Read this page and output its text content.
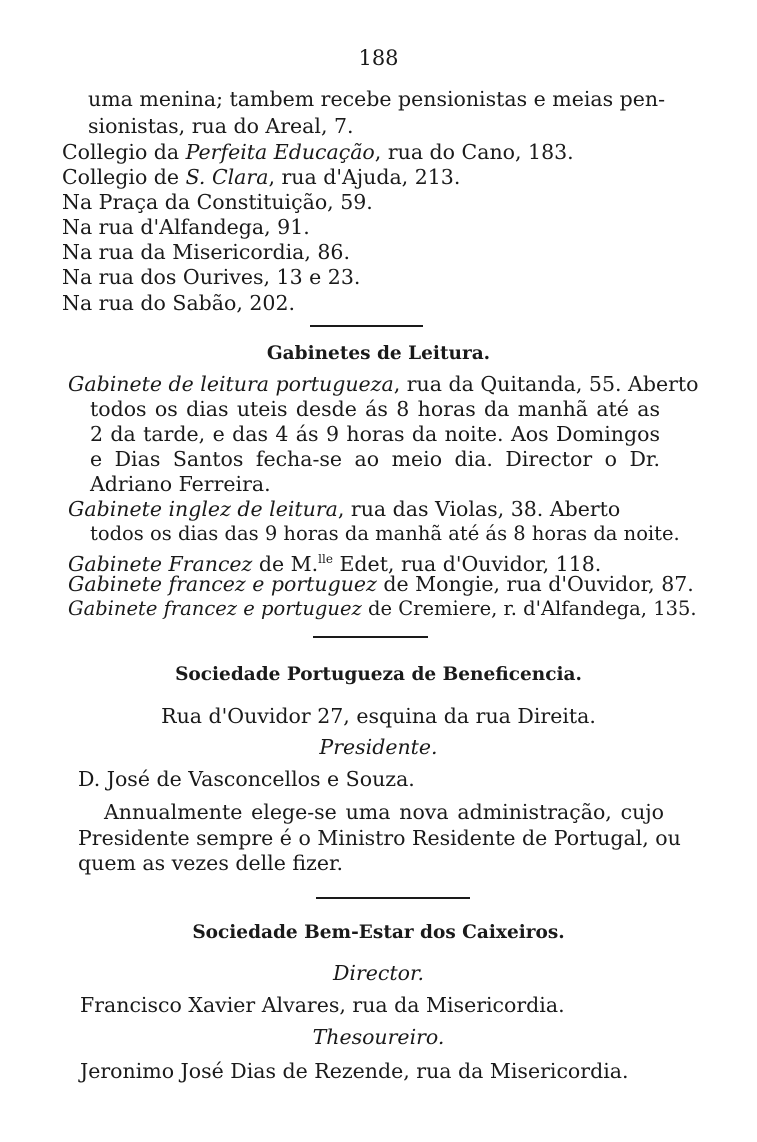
188
uma menina; tambem recebe pensionistas e meias pen-
sionistas, rua do Areal, 7.
Collegio da Perfeita Educação, rua do Cano, 183.
Collegio de S. Clara, rua d'Ajuda, 213.
Na Praça da Constituição, 59.
Na rua d'Alfandega, 91.
Na rua da Misericordia, 86.
Na rua dos Ourives, 13 e 23.
Na rua do Sabão, 202.
Gabinetes de Leitura.
Gabinete de leitura portugueza, rua da Quitanda, 55. Aberto
todos os dias uteis desde ás 8 horas da manhã até as
2 da tarde, e das 4 ás 9 horas da noite. Aos Domingos
e Dias Santos fecha-se ao meio dia. Director o Dr.
Adriano Ferreira.
Gabinete inglez de leitura, rua das Violas, 38. Aberto
todos os dias das 9 horas da manhã até ás 8 horas da noite.
Gabinete Francez de M.$^{lle}$ Edet, rua d'Ouvidor, 118.
Gabinete francez e portuguez de Mongie, rua d'Ouvidor, 87.
Gabinete francez e portuguez de Cremiere, r. d'Alfandega, 135.
Sociedade Portugueza de Beneficencia.
Rua d'Ouvidor 27, esquina da rua Direita.
Presidente.
D. José de Vasconcellos e Souza.
Annualmente elege-se uma nova administração, cujo
Presidente sempre é o Ministro Residente de Portugal, ou
quem as vezes delle fizer.
Sociedade Bem-Estar dos Caixeiros.
Director.
Francisco Xavier Alvares, rua da Misericordia.
Thesoureiro.
Jeronimo José Dias de Rezende, rua da Misericordia.
